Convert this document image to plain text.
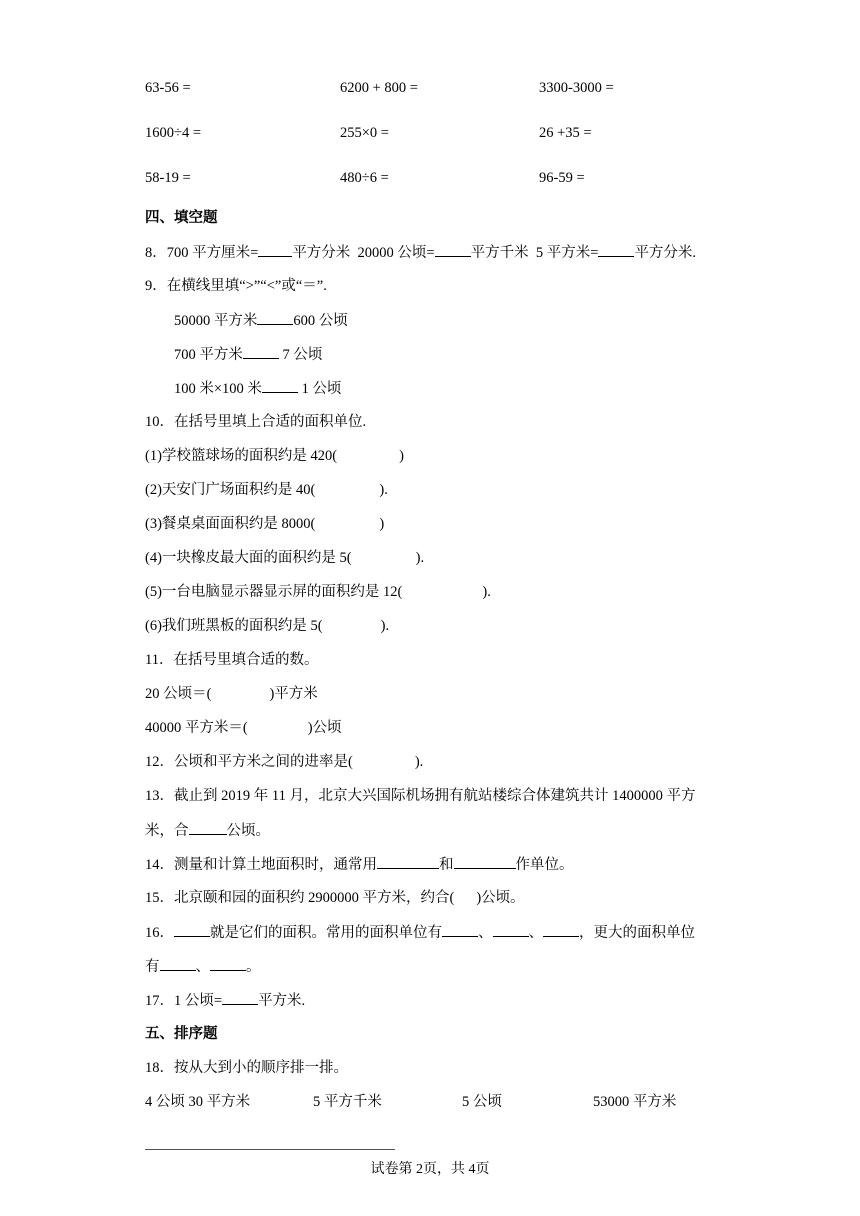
63-56 =	6200 + 800 =	3300-3000 =
1600÷4 =	255×0 =	26 +35 =
58-19 =	480÷6 =	96-59 =
四、填空题
8．700 平方厘米= 平方分米  20000 公顷= 平方千米  5 平方米= 平方分米.
9．在横线里填“>”“<”或“＝”.
50000 平方米 600 公顷
700 平方米 7 公顷
100 米×100 米 1 公顷
10．在括号里填上合适的面积单位.
(1)学校篮球场的面积约是 420(	)
(2)天安门广场面积约是 40(	).
(3)餐桌桌面面积约是 8000(	)
(4)一块橡皮最大面的面积约是 5(	).
(5)一台电脑显示器显示屏的面积约是 12(	).
(6)我们班黑板的面积约是 5(	).
11．在括号里填合适的数。
20 公顷＝(	)平方米
40000 平方米＝(	)公顷
12．公顷和平方米之间的进率是(	).
13．截止到 2019 年 11 月，北京大兴国际机场拥有航站楼综合体建筑共计 1400000 平方
米，合	公顷。
14．测量和计算土地面积时，通常用	和	作单位。
15．北京颐和园的面积约 2900000 平方米，约合( )公顷。
16． 就是它们的面积。常用的面积单位有 、 、 ，更大的面积单位
有 、 。
17．1 公顷= 平方米.
五、排序题
18．按从大到小的顺序排一排。
4 公顷 30 平方米	5 平方千米	5 公顷	53000 平方米
试卷第 2页，共 4页
